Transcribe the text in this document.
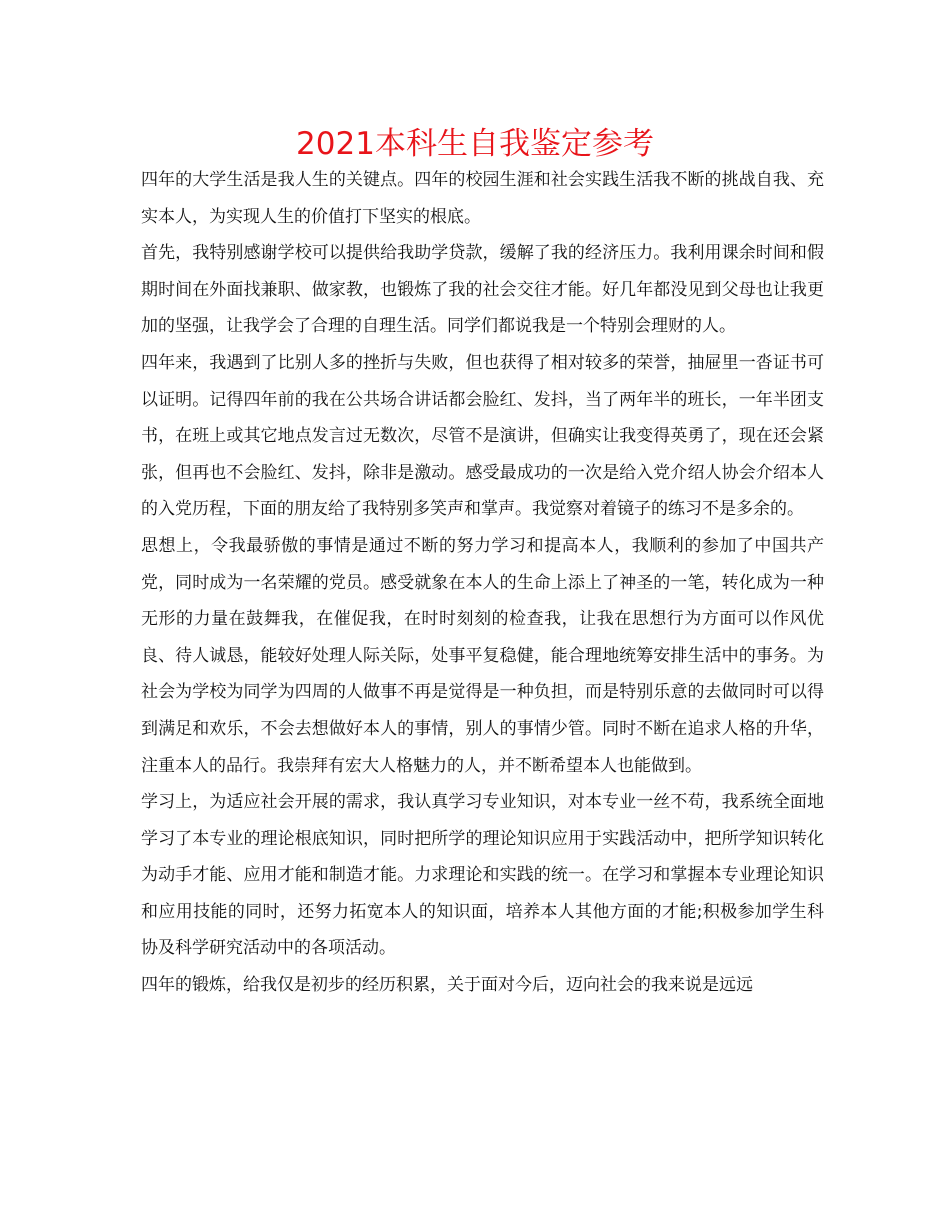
2021本科生自我鉴定参考

四年的大学生活是我人生的关键点。四年的校园生涯和社会实践生活我不断的挑战自我、充实本人，为实现人生的价值打下坚实的根底。

首先，我特别感谢学校可以提供给我助学贷款，缓解了我的经济压力。我利用课余时间和假期时间在外面找兼职、做家教，也锻炼了我的社会交往才能。好几年都没见到父母也让我更加的坚强，让我学会了合理的自理生活。同学们都说我是一个特别会理财的人。

四年来，我遇到了比别人多的挫折与失败，但也获得了相对较多的荣誉，抽屉里一沓证书可以证明。记得四年前的我在公共场合讲话都会脸红、发抖，当了两年半的班长，一年半团支书，在班上或其它地点发言过无数次，尽管不是演讲，但确实让我变得英勇了，现在还会紧张，但再也不会脸红、发抖，除非是激动。感受最成功的一次是给入党介绍人协会介绍本人的入党历程，下面的朋友给了我特别多笑声和掌声。我觉察对着镜子的练习不是多余的。

思想上，令我最骄傲的事情是通过不断的努力学习和提高本人，我顺利的参加了中国共产党，同时成为一名荣耀的党员。感受就象在本人的生命上添上了神圣的一笔，转化成为一种无形的力量在鼓舞我，在催促我，在时时刻刻的检查我，让我在思想行为方面可以作风优良、待人诚恳，能较好处理人际关际，处事平复稳健，能合理地统筹安排生活中的事务。为社会为学校为同学为四周的人做事不再是觉得是一种负担，而是特别乐意的去做同时可以得到满足和欢乐，不会去想做好本人的事情，别人的事情少管。同时不断在追求人格的升华，注重本人的品行。我崇拜有宏大人格魅力的人，并不断希望本人也能做到。

学习上，为适应社会开展的需求，我认真学习专业知识，对本专业一丝不苟，我系统全面地学习了本专业的理论根底知识，同时把所学的理论知识应用于实践活动中，把所学知识转化为动手才能、应用才能和制造才能。力求理论和实践的统一。在学习和掌握本专业理论知识和应用技能的同时，还努力拓宽本人的知识面，培养本人其他方面的才能;积极参加学生科协及科学研究活动中的各项活动。

四年的锻炼，给我仅是初步的经历积累，关于面对今后，迈向社会的我来说是远远
